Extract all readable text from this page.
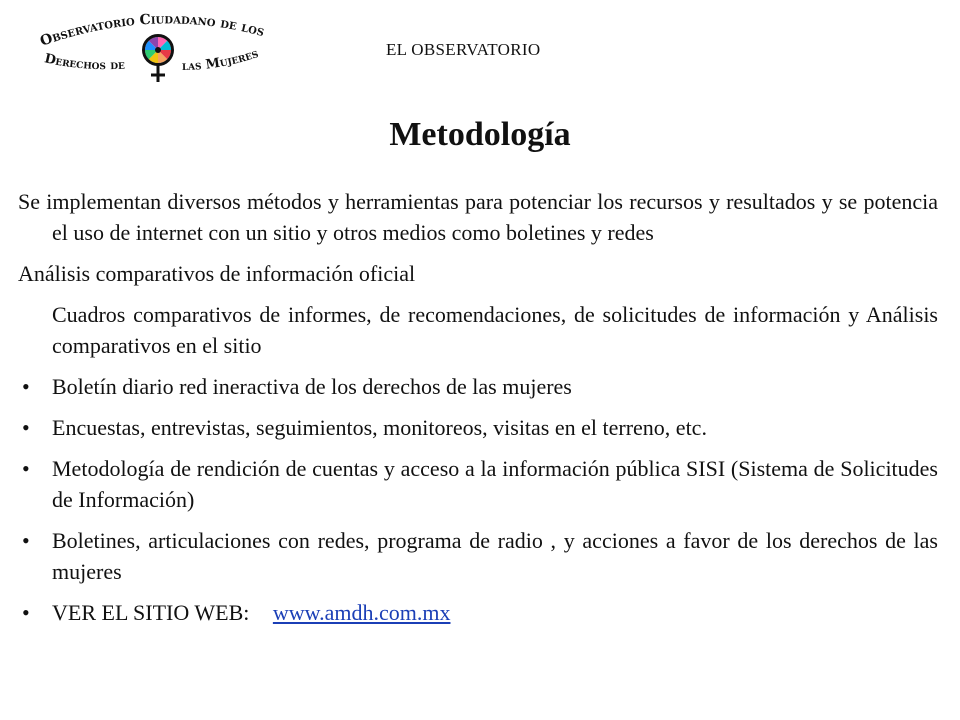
Observatorio Ciudadano de los
Derechos de	las Mujeres	EL OBSERVATORIO
Metodología

Se implementan diversos métodos y herramientas para potenciar los recursos y resultados y se potencia el uso de internet con un sitio y otros medios como boletines y redes

Análisis comparativos de información oficial

Cuadros comparativos de informes, de recomendaciones, de solicitudes de información y Análisis comparativos en el sitio

• Boletín diario red ineractiva de los derechos de las mujeres
• Encuestas, entrevistas, seguimientos, monitoreos, visitas en el terreno, etc.
• Metodología de rendición de cuentas y acceso a la información pública SISI (Sistema de Solicitudes de Información)
• Boletines, articulaciones con redes, programa de radio , y acciones a favor de los derechos de las mujeres
• VER EL SITIO WEB: www.amdh.com.mx
